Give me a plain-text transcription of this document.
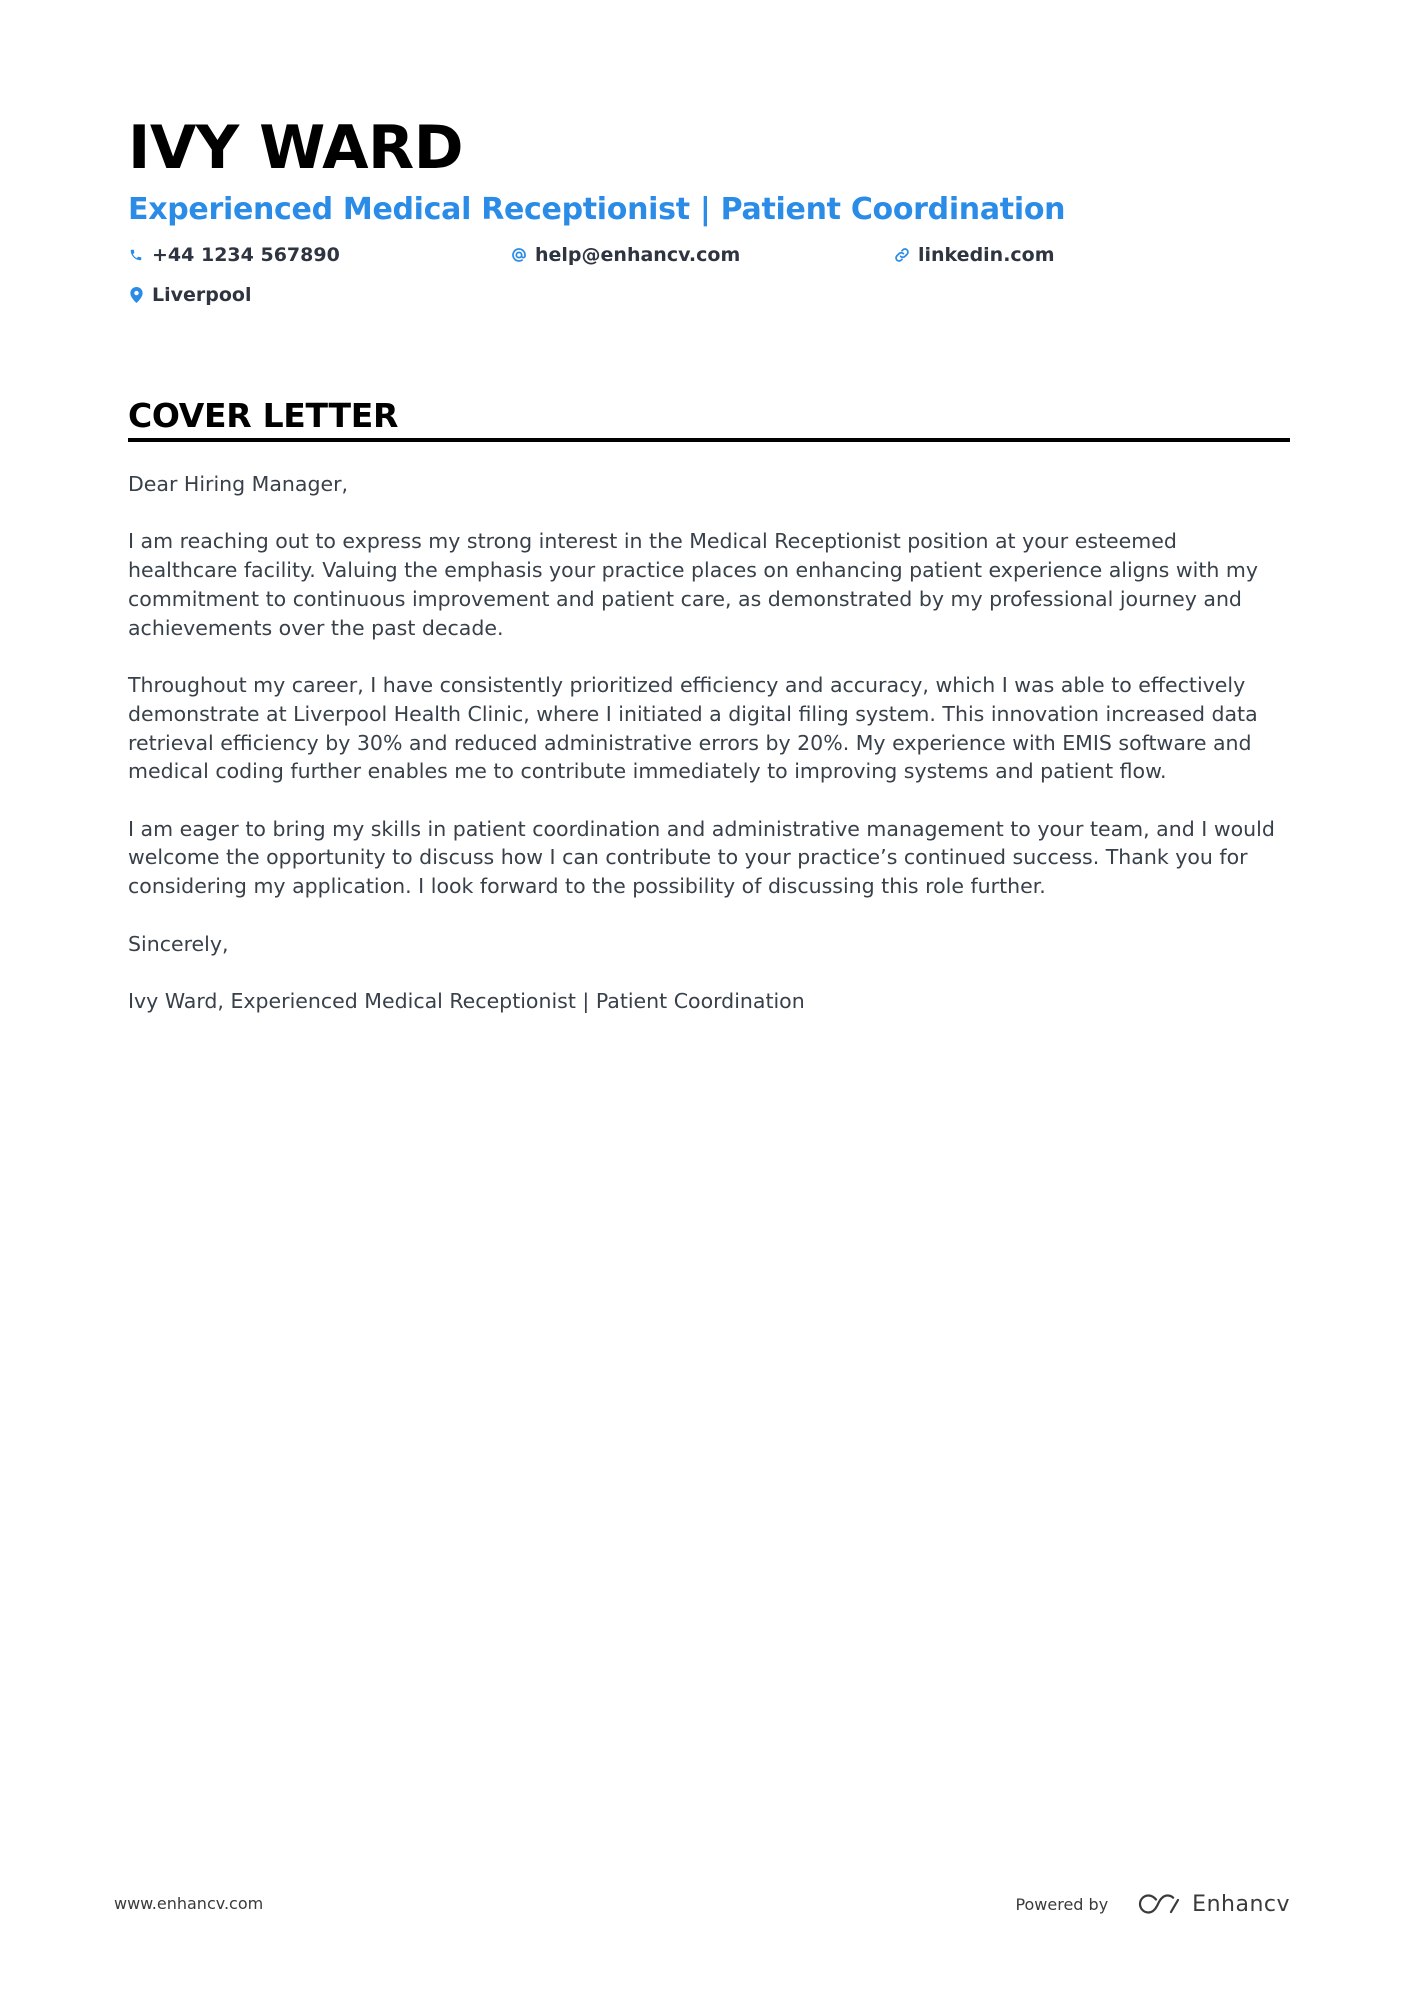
IVY WARD
Experienced Medical Receptionist | Patient Coordination
+44 1234 567890	help@enhancv.com	linkedin.com
Liverpool
COVER LETTER

Dear Hiring Manager,

I am reaching out to express my strong interest in the Medical Receptionist position at your esteemed healthcare facility. Valuing the emphasis your practice places on enhancing patient experience aligns with my commitment to continuous improvement and patient care, as demonstrated by my professional journey and achievements over the past decade.

Throughout my career, I have consistently prioritized efficiency and accuracy, which I was able to effectively demonstrate at Liverpool Health Clinic, where I initiated a digital filing system. This innovation increased data retrieval efficiency by 30% and reduced administrative errors by 20%. My experience with EMIS software and medical coding further enables me to contribute immediately to improving systems and patient flow.

I am eager to bring my skills in patient coordination and administrative management to your team, and I would welcome the opportunity to discuss how I can contribute to your practice’s continued success. Thank you for considering my application. I look forward to the possibility of discussing this role further.

Sincerely,

Ivy Ward, Experienced Medical Receptionist | Patient Coordination

www.enhancv.com	Powered by	Enhancv
